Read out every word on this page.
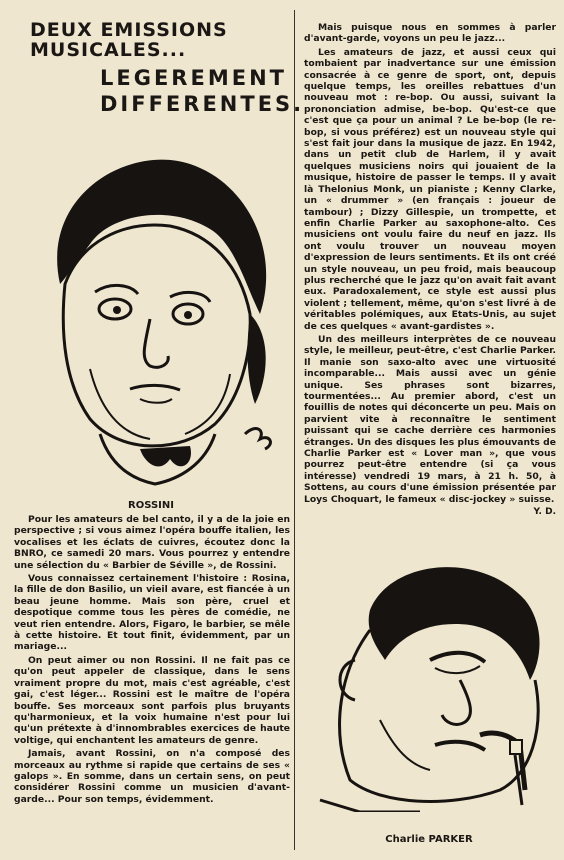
DEUX EMISSIONS
MUSICALES...
LEGEREMENT
DIFFERENTES.
ROSSINI

Pour les amateurs de bel canto, il y a de la joie en perspective ; si vous aimez l'opéra bouffe italien, les vocalises et les éclats de cuivres, écoutez donc la BNRO, ce samedi 20 mars. Vous pourrez y entendre une sélection du « Barbier de Séville », de Rossini.

Vous connaissez certainement l'histoire : Rosina, la fille de don Basilio, un vieil avare, est fiancée à un beau jeune homme. Mais son père, cruel et despotique comme tous les pères de comédie, ne veut rien entendre. Alors, Figaro, le barbier, se mêle à cette histoire. Et tout finit, évidemment, par un mariage...

On peut aimer ou non Rossini. Il ne fait pas ce qu'on peut appeler de classique, dans le sens vraiment propre du mot, mais c'est agréable, c'est gai, c'est léger... Rossini est le maître de l'opéra bouffe. Ses morceaux sont parfois plus bruyants qu'harmonieux, et la voix humaine n'est pour lui qu'un prétexte à d'innombrables exercices de haute voltige, qui enchantent les amateurs de genre.

Jamais, avant Rossini, on n'a composé des morceaux au rythme si rapide que certains de ses « galops ». En somme, dans un certain sens, on peut considérer Rossini comme un musicien d'avant-garde... Pour son temps, évidemment.

Mais puisque nous en sommes à parler d'avant-garde, voyons un peu le jazz...

Les amateurs de jazz, et aussi ceux qui tombaient par inadvertance sur une émission consacrée à ce genre de sport, ont, depuis quelque temps, les oreilles rebattues d'un nouveau mot : re-bop. Ou aussi, suivant la prononciation admise, be-bop. Qu'est-ce que c'est que ça pour un animal ? Le be-bop (le re-bop, si vous préférez) est un nouveau style qui s'est fait jour dans la musique de jazz. En 1942, dans un petit club de Harlem, il y avait quelques musiciens noirs qui jouaient de la musique, histoire de passer le temps. Il y avait là Thelonius Monk, un pianiste ; Kenny Clarke, un « drummer » (en français : joueur de tambour) ; Dizzy Gillespie, un trompette, et enfin Charlie Parker au saxophone-alto. Ces musiciens ont voulu faire du neuf en jazz. Ils ont voulu trouver un nouveau moyen d'expression de leurs sentiments. Et ils ont créé un style nouveau, un peu froid, mais beaucoup plus recherché que le jazz qu'on avait fait avant eux. Paradoxalement, ce style est aussi plus violent ; tellement, même, qu'on s'est livré à de véritables polémiques, aux Etats-Unis, au sujet de ces quelques « avant-gardistes ».

Un des meilleurs interprètes de ce nouveau style, le meilleur, peut-être, c'est Charlie Parker. Il manie son saxo-alto avec une virtuosité incomparable... Mais aussi avec un génie unique. Ses phrases sont bizarres, tourmentées... Au premier abord, c'est un fouillis de notes qui déconcerte un peu. Mais on parvient vite à reconnaître le sentiment puissant qui se cache derrière ces harmonies étranges. Un des disques les plus émouvants de Charlie Parker est « Lover man », que vous pourrez peut-être entendre (si ça vous intéresse) vendredi 19 mars, à 21 h. 50, à Sottens, au cours d'une émission présentée par Loys Choquart, le fameux « disc-jockey » suisse.

Y. D.
Charlie PARKER
